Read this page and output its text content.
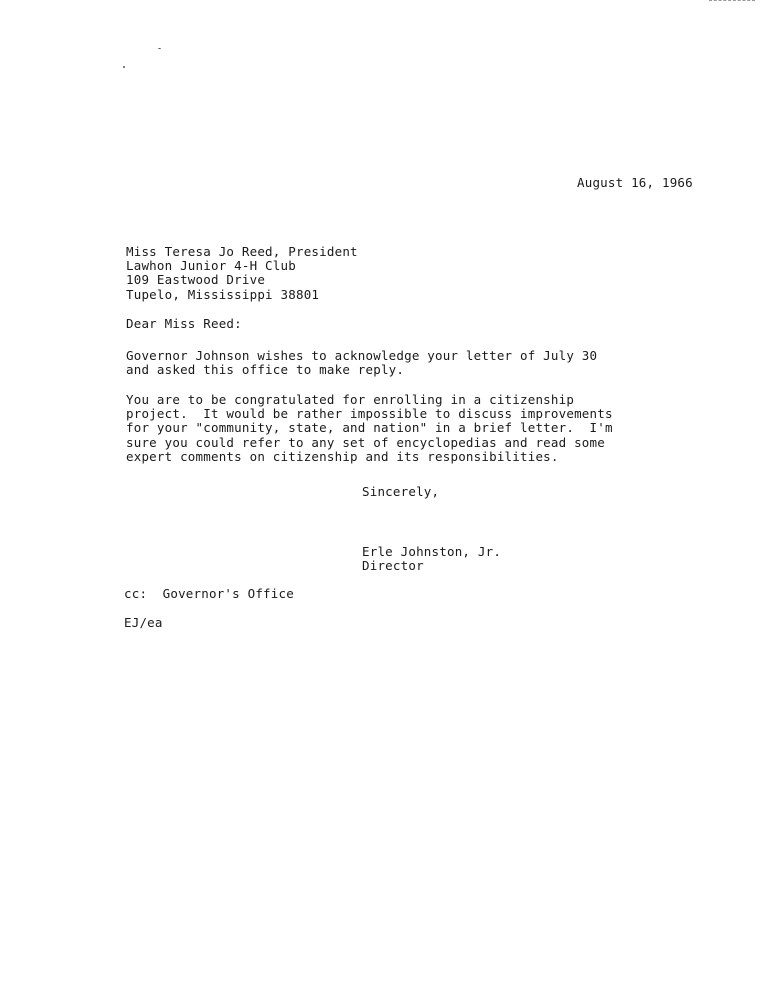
August 16, 1966
Miss Teresa Jo Reed, President
Lawhon Junior 4-H Club
109 Eastwood Drive
Tupelo, Mississippi 38801
Dear Miss Reed:
Governor Johnson wishes to acknowledge your letter of July 30
and asked this office to make reply.
You are to be congratulated for enrolling in a citizenship
project.  It would be rather impossible to discuss improvements
for your "community, state, and nation" in a brief letter.  I'm
sure you could refer to any set of encyclopedias and read some
expert comments on citizenship and its responsibilities.
Sincerely,
Erle Johnston, Jr.
Director
cc:  Governor's Office
EJ/ea
